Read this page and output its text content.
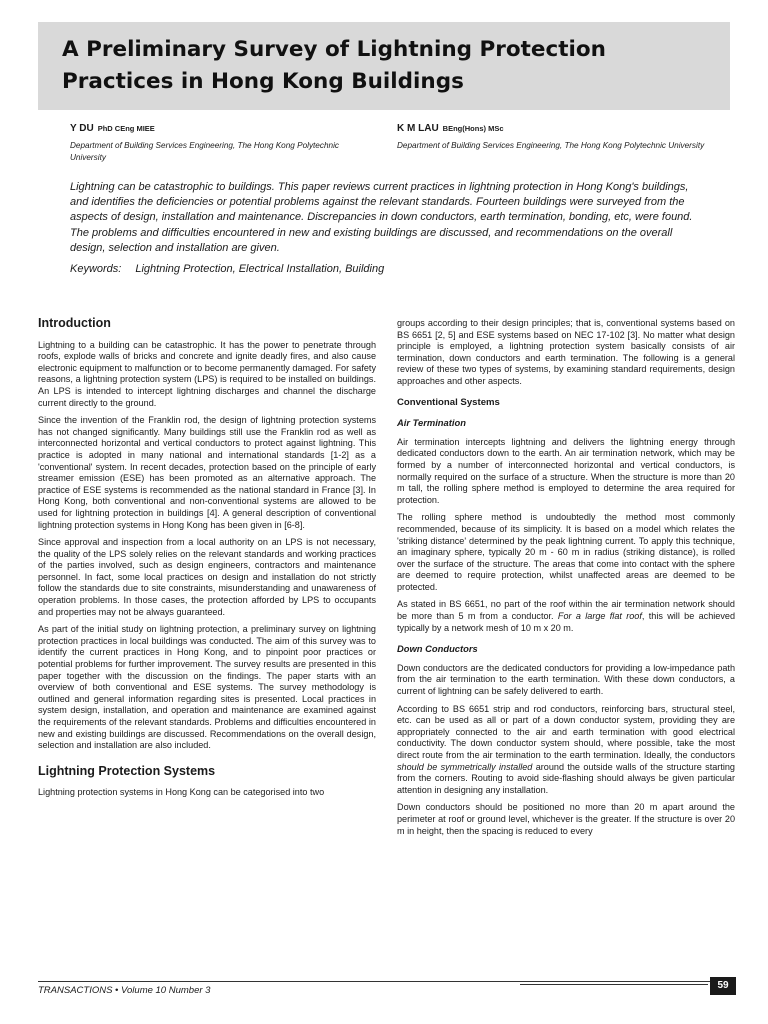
A Preliminary Survey of Lightning Protection
Practices in Hong Kong Buildings
Y DU PhD CEng MIEE
Department of Building Services Engineering, The Hong Kong Polytechnic University
K M LAU BEng(Hons) MSc
Department of Building Services Engineering, The Hong Kong Polytechnic University

Lightning can be catastrophic to buildings. This paper reviews current practices in lightning protection in Hong Kong's buildings, and identifies the deficiencies or potential problems against the relevant standards. Fourteen buildings were surveyed from the aspects of design, installation and maintenance. Discrepancies in down conductors, earth termination, bonding, etc, were found. The problems and difficulties encountered in new and existing buildings are discussed, and recommendations on the overall design, selection and installation are given.

Keywords: Lightning Protection, Electrical Installation, Building
Introduction

Lightning to a building can be catastrophic. It has the power to penetrate through roofs, explode walls of bricks and concrete and ignite deadly fires, and also cause electronic equipment to malfunction or to become permanently damaged. For safety reasons, a lightning protection system (LPS) is required to be installed on buildings. An LPS is intended to intercept lightning discharges and channel the discharge current directly to the ground.

Since the invention of the Franklin rod, the design of lightning protection systems has not changed significantly. Many buildings still use the Franklin rod as well as interconnected horizontal and vertical conductors to protect against lightning. This practice is adopted in many national and international standards [1-2] as a 'conventional' system. In recent decades, protection based on the principle of early streamer emission (ESE) has been promoted as an alternative approach. The practice of ESE systems is recommended as the national standard in France [3]. In Hong Kong, both conventional and non-conventional systems are allowed to be used for lightning protection in buildings [4]. A general description of conventional lightning protection systems in Hong Kong has been given in [6-8].

Since approval and inspection from a local authority on an LPS is not necessary, the quality of the LPS solely relies on the relevant standards and working practices of the parties involved, such as design engineers, contractors and maintenance personnel. In fact, some local practices on design and installation do not strictly follow the standards due to site constraints, misunderstanding and unawareness of operation problems. In those cases, the protection afforded by LPS to occupants and properties may not be always guaranteed.

As part of the initial study on lightning protection, a preliminary survey on lightning protection practices in local buildings was conducted. The aim of this survey was to identify the current practices in Hong Kong, and to pinpoint poor practices or potential problems for further improvement. The survey results are presented in this paper together with the discussion on the findings. The paper starts with an overview of both conventional and ESE systems. The survey methodology is outlined and general information regarding sites is presented. Local practices in system design, installation, and operation and maintenance are examined against the requirements of the relevant standards. Problems and difficulties encountered in new and existing buildings are discussed. Recommendations on the overall design, selection and installation are also included.

Lightning Protection Systems

Lightning protection systems in Hong Kong can be categorised into two

groups according to their design principles; that is, conventional systems based on BS 6651 [2, 5] and ESE systems based on NEC 17-102 [3]. No matter what design principle is employed, a lightning protection system basically consists of air termination, down conductors and earth termination. The following is a general review of these two types of systems, by examining standard requirements, design approaches and other aspects.

Conventional Systems
Air Termination

Air termination intercepts lightning and delivers the lightning energy through dedicated conductors down to the earth. An air termination network, which may be formed by a number of interconnected horizontal and vertical conductors, is normally required on the surface of a structure. When the structure is more than 20 m tall, the rolling sphere method is employed to determine the area required for protection.

The rolling sphere method is undoubtedly the method most commonly recommended, because of its simplicity. It is based on a model which relates the 'striking distance' determined by the peak lightning current. To apply this technique, an imaginary sphere, typically 20 m - 60 m in radius (striking distance), is rolled over the surface of the structure. The areas that come into contact with the sphere are deemed to require protection, whilst unaffected areas are deemed to be protected.

As stated in BS 6651, no part of the roof within the air termination network should be more than 5 m from a conductor. For a large flat roof, this will be achieved typically by a network mesh of 10 m x 20 m.

Down Conductors

Down conductors are the dedicated conductors for providing a low-impedance path from the air termination to the earth termination. With these down conductors, a current of lightning can be safely delivered to earth.

According to BS 6651 strip and rod conductors, reinforcing bars, structural steel, etc. can be used as all or part of a down conductor system, providing they are appropriately connected to the air and earth termination with good electrical conductivity. The down conductor system should, where possible, take the most direct route from the air termination to the earth termination. Ideally, the conductors should be symmetrically installed around the outside walls of the structure starting from the corners. Routing to avoid side-flashing should always be given particular attention in designing any installation.

Down conductors should be positioned no more than 20 m apart around the perimeter at roof or ground level, whichever is the greater. If the structure is over 20 m in height, then the spacing is reduced to every

TRANSACTIONS • Volume 10 Number 3	59
